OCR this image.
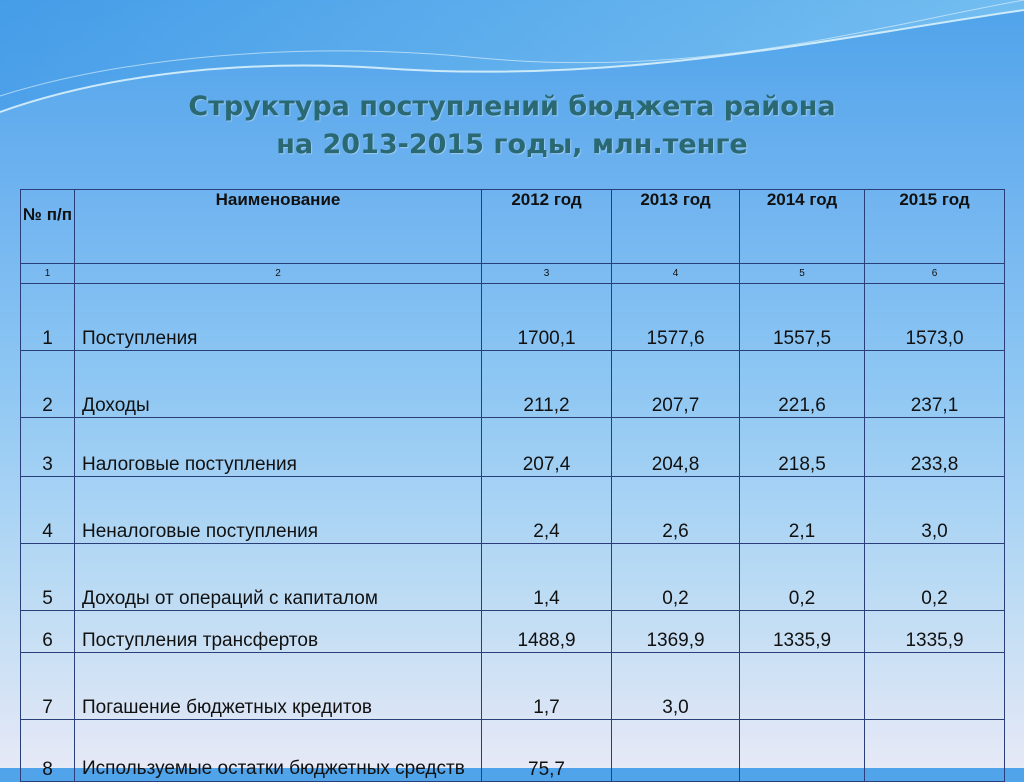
Структура поступлений бюджета района
на 2013-2015 годы, млн.тенге
№ п/п	Наименование	2012 год	2013 год	2014 год	2015 год
1	2	3	4	5	6
1	Поступления	1700,1	1577,6	1557,5	1573,0
2	Доходы	211,2	207,7	221,6	237,1
3	Налоговые поступления	207,4	204,8	218,5	233,8
4	Неналоговые поступления	2,4	2,6	2,1	3,0
5	Доходы от операций с капиталом	1,4	0,2	0,2	0,2
6	Поступления трансфертов	1488,9	1369,9	1335,9	1335,9
7	Погашение бюджетных кредитов	1,7	3,0		
8	Используемые остатки бюджетных средств	75,7			
